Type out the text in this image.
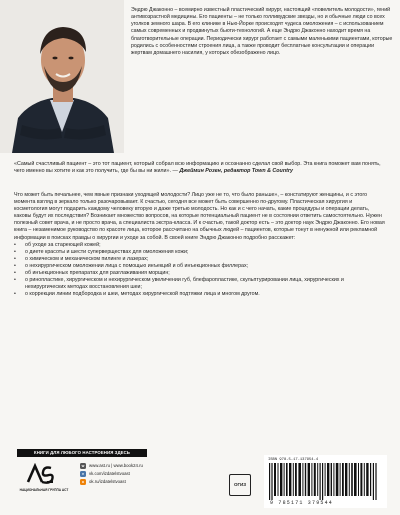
Эндрю Джаконно – всемирно известный пластический хирург, настоящий «повелитель молодости», гений антивозрастной медицины. Его пациенты – не только голливудские звезды, но и обычные люди со всех уголков земного шара. В его клинике в Нью-Йорке происходят чудеса омоложения – с использованием самых современных и продвинутых бьюти-технологий. А еще Эндрю Джаконно находит время на благотворительные операции. Периодически хирург работает с самыми маленькими пациентами, которые родились с особенностями строения лица, а также проводит бесплатные консультации и операции жертвам домашнего насилия, у которых обезображено лицо.

«Самый счастливый пациент – это тот пациент, который собрал всю информацию и осознанно сделал свой выбор. Эта книга поможет вам понять, чего именно вы хотите и как это получить, где бы вы ни жили». — Джеймин Розен, редактор Town & Country
Что может быть печальнее, чем явные признаки уходящей молодости? Лицо уже не то, что было раньше», – констатируют женщины, и с этого момента взгляд в зеркало только разочаровывает. К счастью, сегодня все может быть совершенно по-другому. Пластическая хирургия и косметология могут подарить каждому человеку вторую и даже третью молодость. Но как и с чего начать, какие процедуры и операции делать, каковы будут их последствия? Возникает множество вопросов, на которые потенциальный пациент не в состоянии ответить самостоятельно. Нужен полезный совет врача, и не просто врача, а специалиста экстра-класса. И к счастью, такой доктор есть – это доктор наук Эндрю Джаконно. Его новая книга – незаменимое руководство по красоте лица, которое рассчитано на обычных людей – пациентов, которые тонут в ненужной или рекламной информации в поисках правды о хирургии и уходе за собой. В своей книге Эндрю Джаконно подробно расскажет:
• об уходе за стареющей кожей;
• о диете красоты и шести суперверществах для омоложения кожи;
• о химическом и механическом пилинге и лазерах;
• о нехирургическом омоложении лица с помощью инъекций и об инъекционных филлерах;
• об инъекционных препаратах для разглаживания морщин;
• о ринопластике, хирургическом и нехирургическом увеличении губ, блефаропластике, скульптурировании лица, хирургических и нехирургических методах восстановления шеи;
• о коррекции линии подбородка и шеи, методах хирургической подтяжки лица и многом другом.
КНИГИ ДЛЯ ЛЮБОГО НАСТРОЕНИЯ ЗДЕСЬ
НАЦИОНАЛЬНАЯ ГРУППА АСТ
w	www.ast.ru | www.book24.ru
v	vk.com/izdatelstvoast
o	ok.ru/izdatelstvoast
ОГИЗ
ISBN 978-5-17-137954-4
9 785171 379544
